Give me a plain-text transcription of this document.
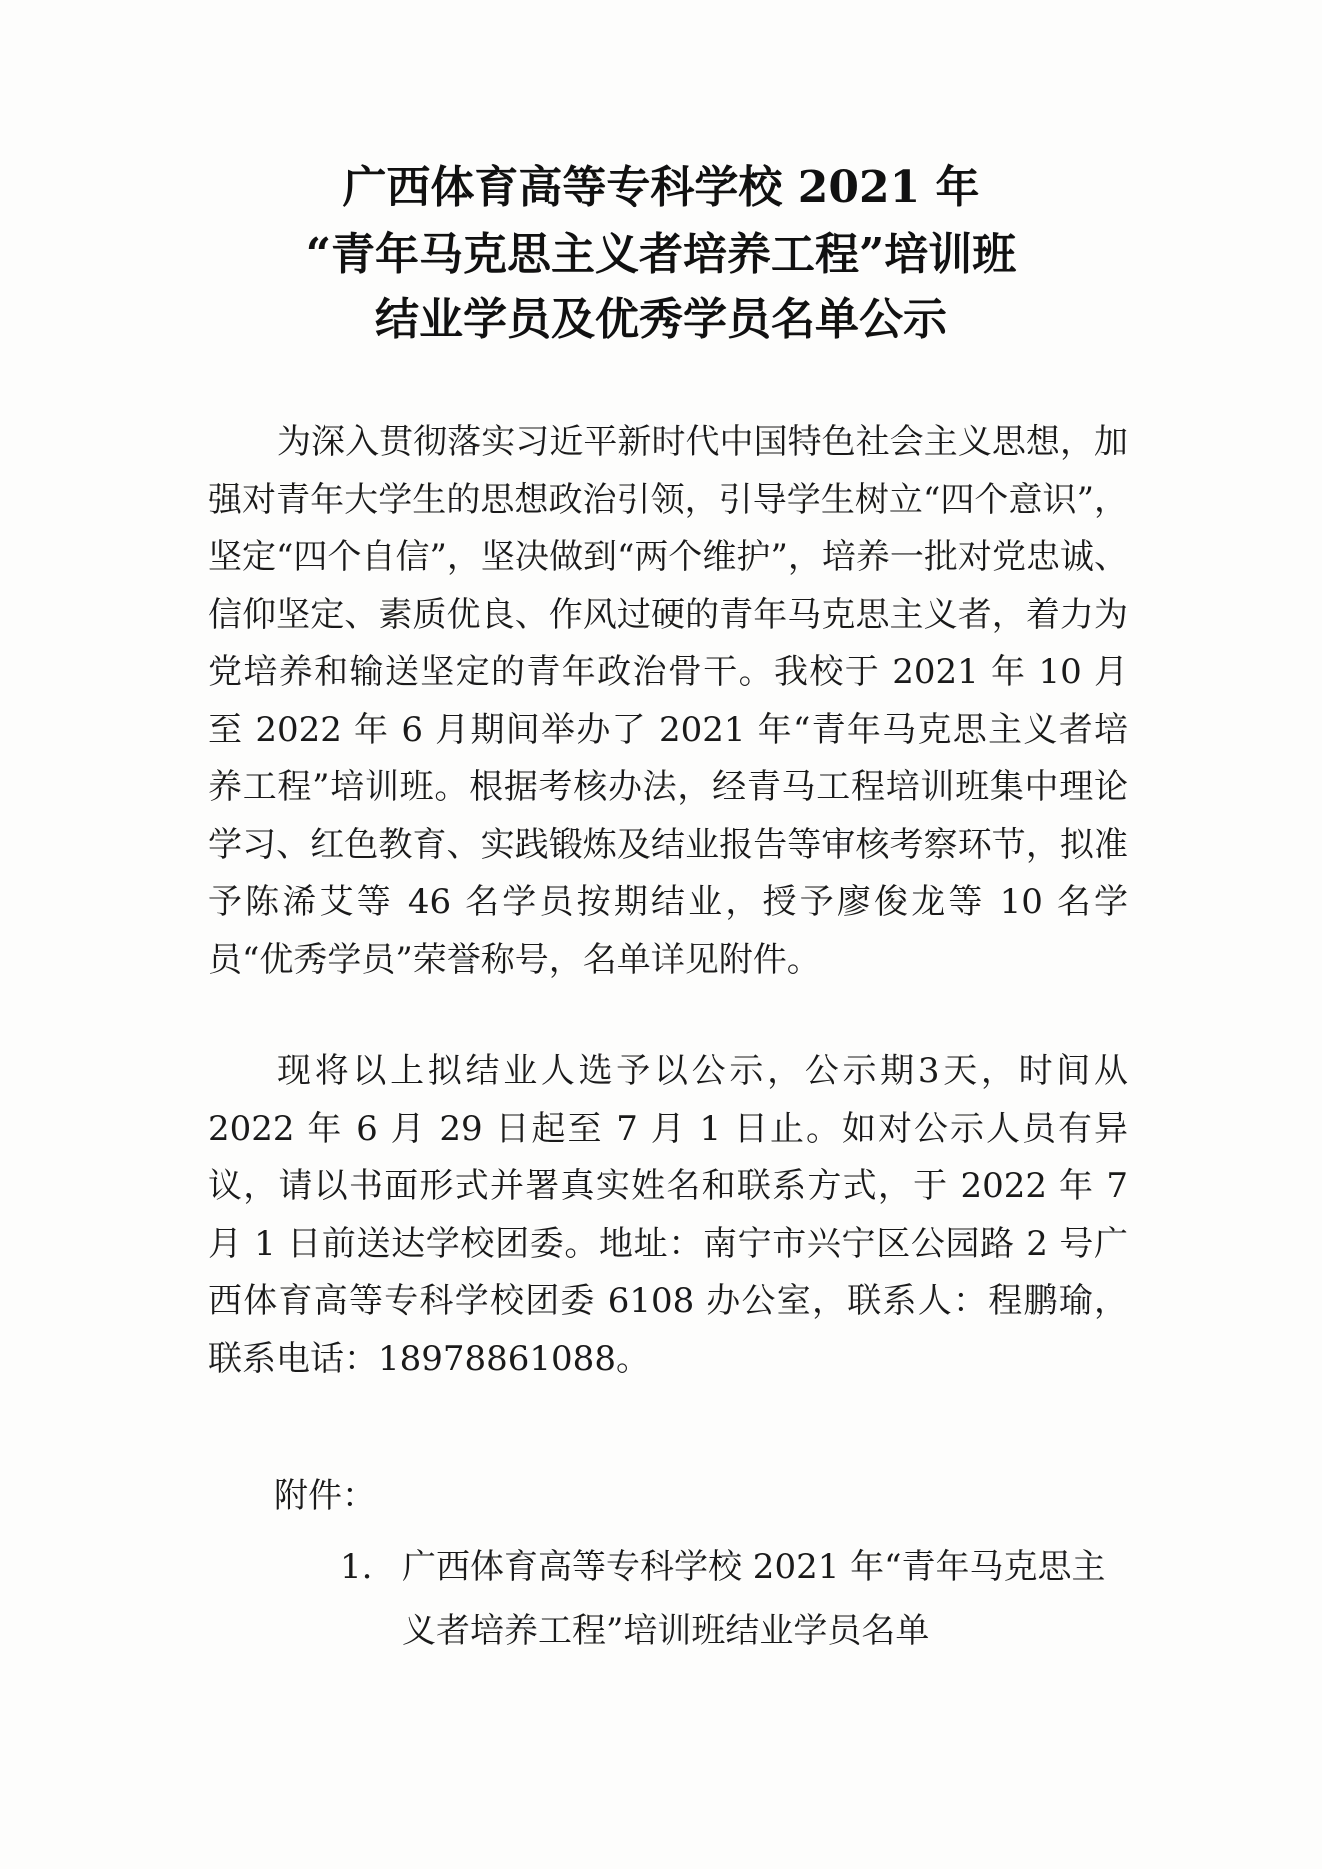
广西体育高等专科学校 2021 年
“青年马克思主义者培养工程”培训班
结业学员及优秀学员名单公示
为深入贯彻落实习近平新时代中国特色社会主义思想，加强对青年大学生的思想政治引领，引导学生树立“四个意识”，坚定“四个自信”，坚决做到“两个维护”，培养一批对党忠诚、信仰坚定、素质优良、作风过硬的青年马克思主义者，着力为党培养和输送坚定的青年政治骨干。我校于 2021 年 10 月至 2022 年 6 月期间举办了 2021 年“青年马克思主义者培养工程”培训班。根据考核办法，经青马工程培训班集中理论学习、红色教育、实践锻炼及结业报告等审核考察环节，拟准予陈浠艾等 46 名学员按期结业，授予廖俊龙等 10 名学员“优秀学员”荣誉称号，名单详见附件。
现将以上拟结业人选予以公示，公示期3天，时间从2022 年 6 月 29 日起至 7 月 1 日止。如对公示人员有异议，请以书面形式并署真实姓名和联系方式，于 2022 年 7 月 1 日前送达学校团委。地址：南宁市兴宁区公园路 2 号广西体育高等专科学校团委 6108 办公室，联系人：程鹏瑜，联系电话：18978861088。
附件：
1. 广西体育高等专科学校 2021 年“青年马克思主
义者培养工程”培训班结业学员名单
